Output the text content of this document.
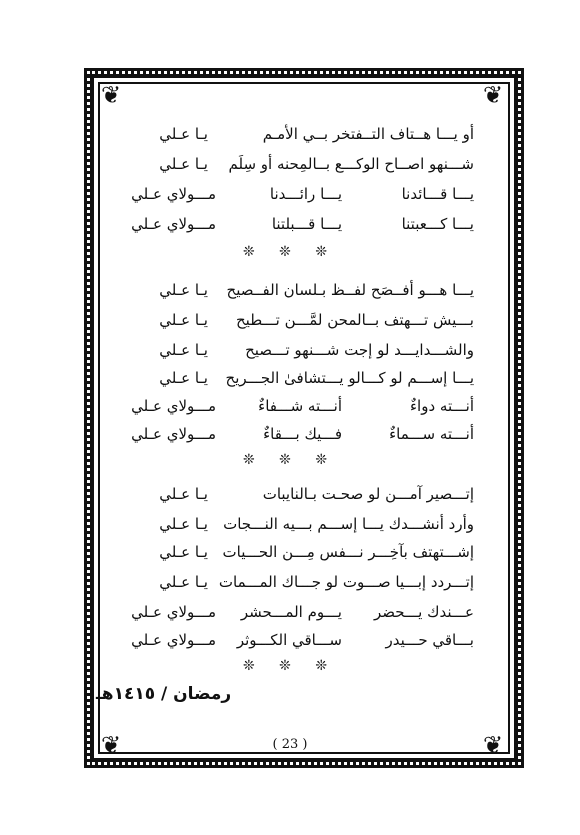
❦	❦
❦	❦
أو يـــا هــتاف التــفتخر بــي الأمـم
يـا عـلي
شـــنهو اصــاح الوكـــع بــالمِحنه أو سِلَم
يـا عـلي
يـــا قـــائدنا
يـــا رائـــدنا
مـــولاي عـلي
يـــا كـــعبتنا
يـــا قـــبلتنا
مـــولاي عـلي
❊ ❊ ❊
يـــا هـــو أفــصَح لفــظ بـلسان الفــصيح
يـا عـلي
بـــيش تـــهتف بــالمحن لمَّـــن تـــطيح
يـا عـلي
والشـــدايـــد لو إجت شـــنهو تـــصيح
يـا عـلي
يـــا إســـم لو كـــالو يـــتشافىٰ الجـــريح
يـا عـلي
أنـــته دواءٌ
أنـــته شـــفاءٌ
مـــولاي عـلي
أنـــته ســـماءٌ
فـــيك بـــقاءٌ
مـــولاي عـلي
❊ ❊ ❊
إتـــصير آمـــن لو صحـت بـالنايبات
يـا عـلي
وأرد أنشـــدك يـــا إســـم بـــيه النـــجات
يـا عـلي
إشـــتهتف بآخِـــر نـــفس مِـــن الحـــيات
يـا عـلي
إتـــردد إبـــيا صـــوت لو جـــاك المـــمات
يـا عـلي
عـــندك يـــحضر
يـــوم المـــحشر
مـــولاي عـلي
بـــاقي حـــيدر
ســـاقي الكـــوثر
مـــولاي عـلي
❊ ❊ ❊
رمضان / ١٤١٥هـ
( 23 )
